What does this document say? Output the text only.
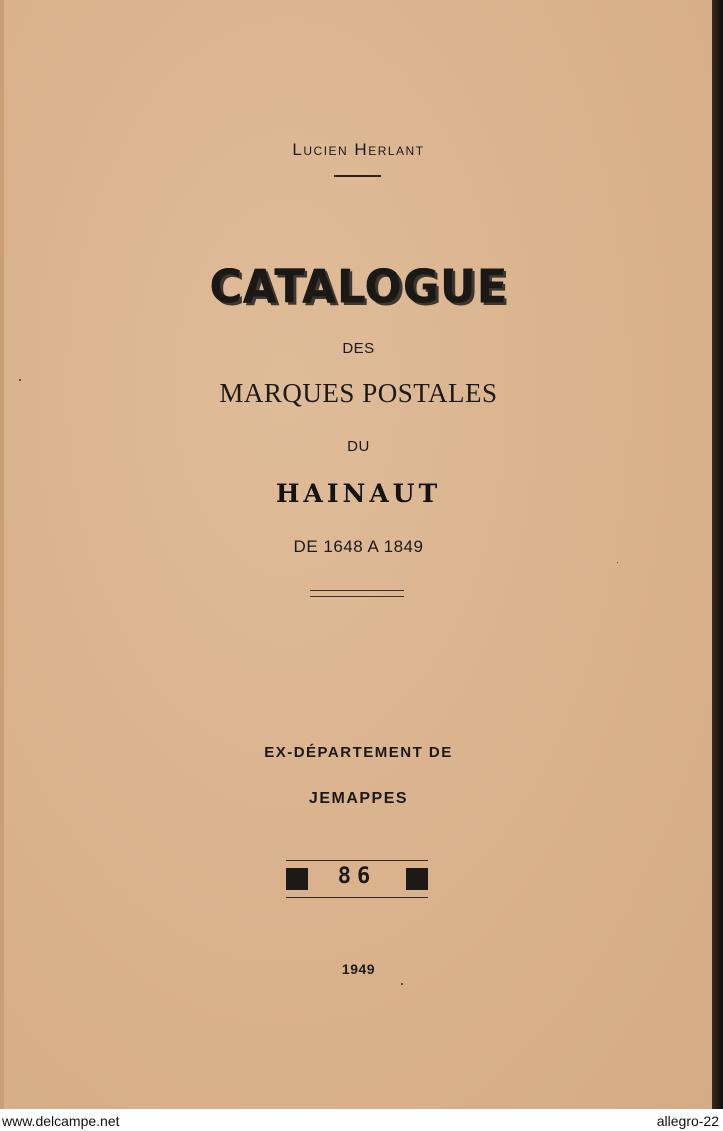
Lucien Herlant
CATALOGUE
DES
MARQUES POSTALES
DU
HAINAUT
DE 1648 A 1849
EX-DÉPARTEMENT DE
JEMAPPES
86
1949
www.delcampe.net	allegro-22
